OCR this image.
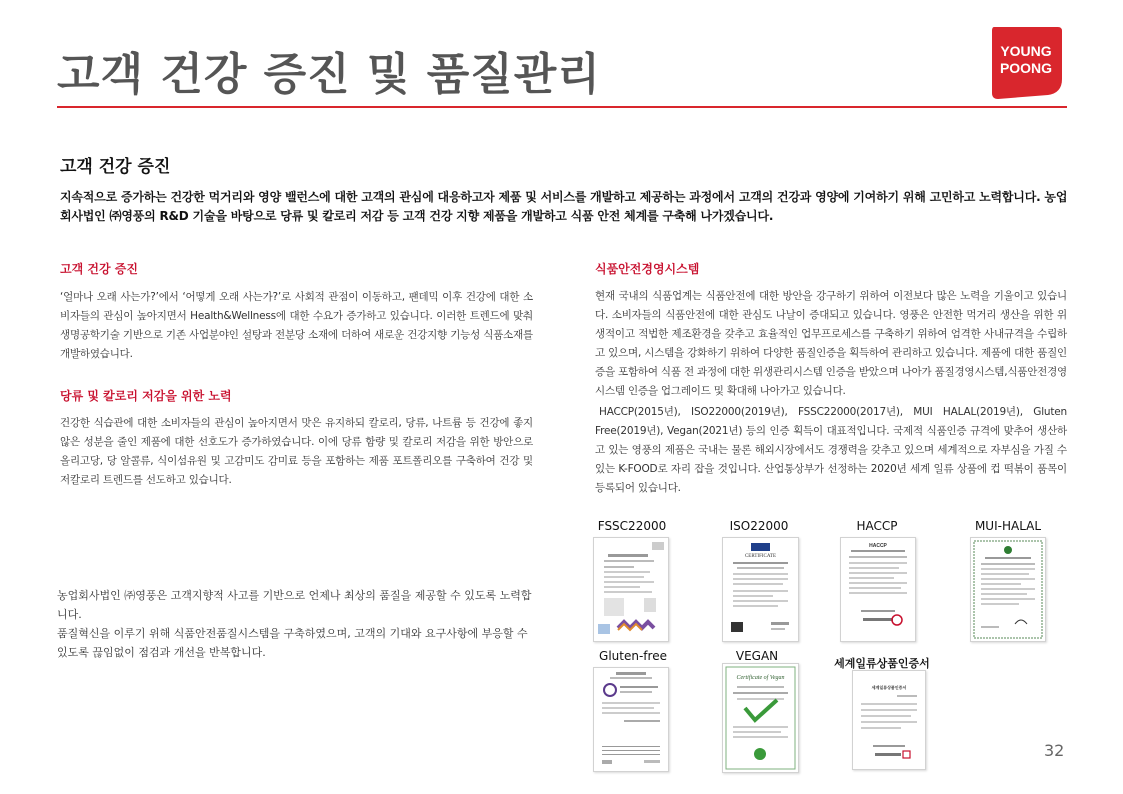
고객 건강 증진 및 품질관리	YOUNG
POONG
고객 건강 증진

지속적으로 증가하는 건강한 먹거리와 영양 밸런스에 대한 고객의 관심에 대응하고자 제품 및 서비스를 개발하고 제공하는 과정에서 고객의 건강과 영양에 기여하기 위해 고민하고 노력합니다. 농업회사법인 ㈜영풍의 R&D 기술을 바탕으로 당류 및 칼로리 저감 등 고객 건강 지향 제품을 개발하고 식품 안전 체계를 구축해 나가겠습니다.

고객 건강 증진

‘얼마나 오래 사는가?’에서 ‘어떻게 오래 사는가?’로 사회적 관점이 이동하고, 팬데믹 이후 건강에 대한 소비자들의 관심이 높아지면서 Health&Wellness에 대한 수요가 증가하고 있습니다. 이러한 트렌드에 맞춰 생명공학기술 기반으로 기존 사업분야인 설탕과 전분당 소재에 더하여 새로운 건강지향 기능성 식품소재를 개발하였습니다.

당류 및 칼로리 저감을 위한 노력

건강한 식습관에 대한 소비자들의 관심이 높아지면서 맛은 유지하되 칼로리, 당류, 나트륨 등 건강에 좋지 않은 성분을 줄인 제품에 대한 선호도가 증가하였습니다. 이에 당류 함량 및 칼로리 저감을 위한 방안으로 올리고당, 당 알콜류, 식이섬유원 및 고감미도 감미료 등을 포함하는 제품 포트폴리오를 구축하여 건강 및 저칼로리 트렌드를 선도하고 있습니다.

농업회사법인 ㈜영풍은 고객지향적 사고를 기반으로 언제나 최상의 품질을 제공할 수 있도록 노력합니다.

품질혁신을 이루기 위해 식품안전품질시스템을 구축하였으며, 고객의 기대와 요구사항에 부응할 수 있도록 끊임없이 점검과 개선을 반복합니다.

식품안전경영시스템

현재 국내의 식품업계는 식품안전에 대한 방안을 강구하기 위하여 이전보다 많은 노력을 기울이고 있습니다. 소비자들의 식품안전에 대한 관심도 나날이 증대되고 있습니다. 영풍은 안전한 먹거리 생산을 위한 위생적이고 적법한 제조환경을 갖추고 효율적인 업무프로세스를 구축하기 위하여 엄격한 사내규격을 수립하고 있으며, 시스템을 강화하기 위하여 다양한 품질인증을 획득하여 관리하고 있습니다. 제품에 대한 품질인증을 포함하여 식품 전 과정에 대한 위생관리시스템 인증을 받았으며 나아가 품질경영시스템,식품안전경영시스템 인증을 업그레이드 및 확대해 나아가고 있습니다.

HACCP(2015년), ISO22000(2019년), FSSC22000(2017년), MUI HALAL(2019년), Gluten Free(2019년), Vegan(2021년) 등의 인증 획득이 대표적입니다. 국제적 식품인증 규격에 맞추어 생산하고 있는 영풍의 제품은 국내는 물론 해외시장에서도 경쟁력을 갖추고 있으며 세계적으로 자부심을 가질 수 있는 K-FOOD로 자리 잡을 것입니다. 산업통상부가 선정하는 2020년 세계 일류 상품에 컵 떡볶이 품목이 등록되어 있습니다.

FSSC22000	ISO22000	HACCP	MUI-HALAL
CERTIFICATE
HACCP
Gluten-free	VEGAN
세계일류상품인증서
Certificate of Vegan
세계일류상품인증서
32
